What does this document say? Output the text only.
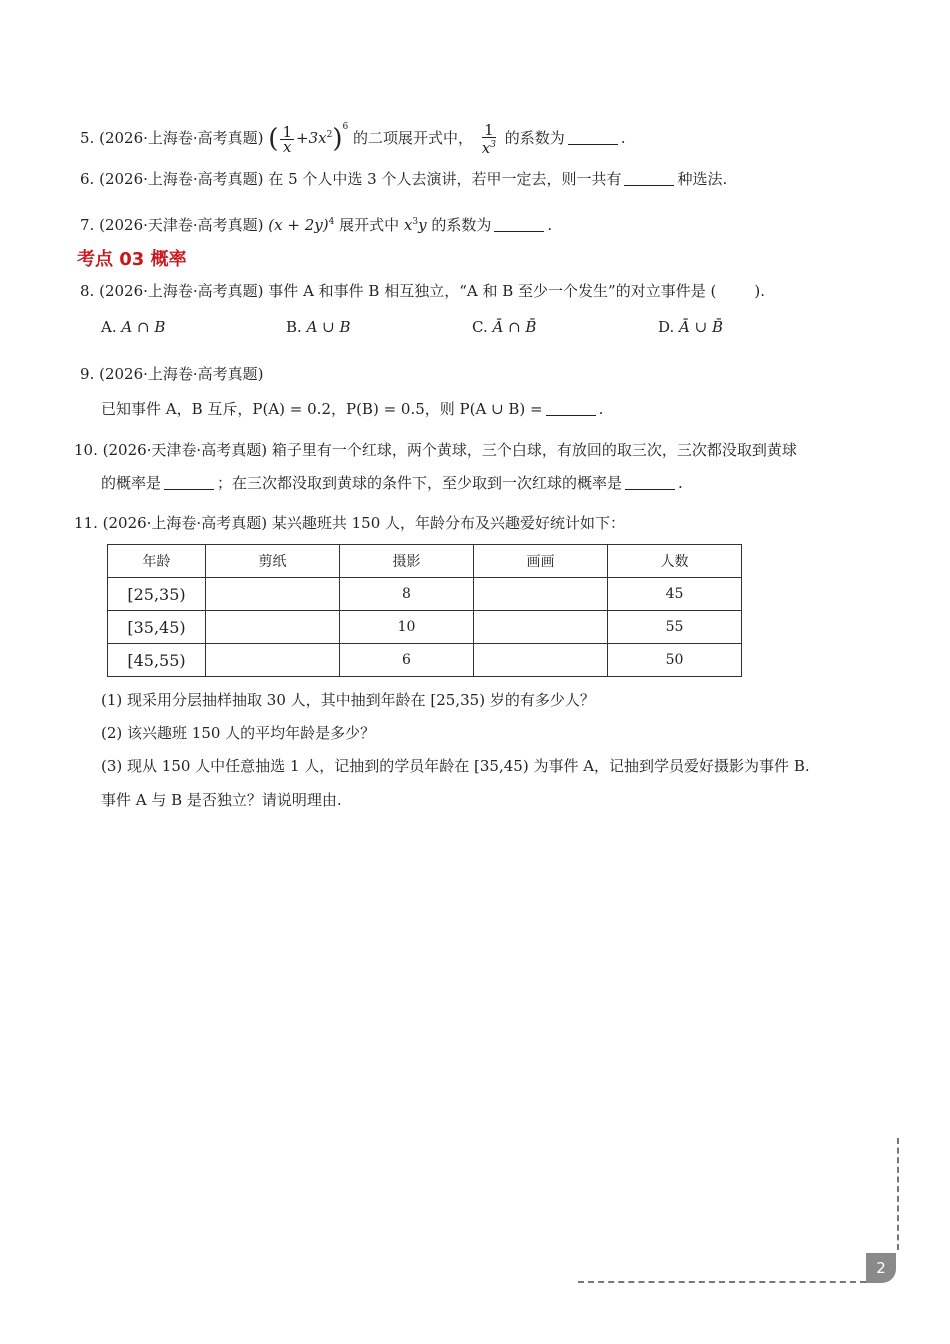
5. (2026·上海卷·高考真题) ( $\frac{1}{x} +3x^2)^6$ 的二项展开式中， $\frac{1}{x^3}$ 的系数为	.
6. (2026·上海卷·高考真题) 在 5 个人中选 3 个人去演讲，若甲一定去，则一共有	种选法.
7. (2026·天津卷·高考真题) $(x + 2y)^4$ 展开式中 $x^3y$ 的系数为	.
考点 03 概率
8. (2026·上海卷·高考真题) 事件 A 和事件 B 相互独立，“A 和 B 至少一个发生”的对立事件是 (	).
A. A ∩ B	B. A ∪ B	C. Ā ∩ B̄	D. Ā ∪ B̄
9. (2026·上海卷·高考真题)
已知事件 A，B 互斥，P(A) = 0.2，P(B) = 0.5，则 P(A ∪ B) =	.
10. (2026·天津卷·高考真题) 箱子里有一个红球，两个黄球，三个白球，有放回的取三次，三次都没取到黄球
的概率是	；在三次都没取到黄球的条件下，至少取到一次红球的概率是	.
11. (2026·上海卷·高考真题) 某兴趣班共 150 人，年龄分布及兴趣爱好统计如下：
年龄	剪纸	摄影	画画	人数
[25,35)		8		45
[35,45)		10		55
[45,55)		6		50
(1) 现采用分层抽样抽取 30 人，其中抽到年龄在 [25,35) 岁的有多少人？
(2) 该兴趣班 150 人的平均年龄是多少？
(3) 现从 150 人中任意抽选 1 人，记抽到的学员年龄在 [35,45) 为事件 A，记抽到学员爱好摄影为事件 B.
事件 A 与 B 是否独立？请说明理由.
2
